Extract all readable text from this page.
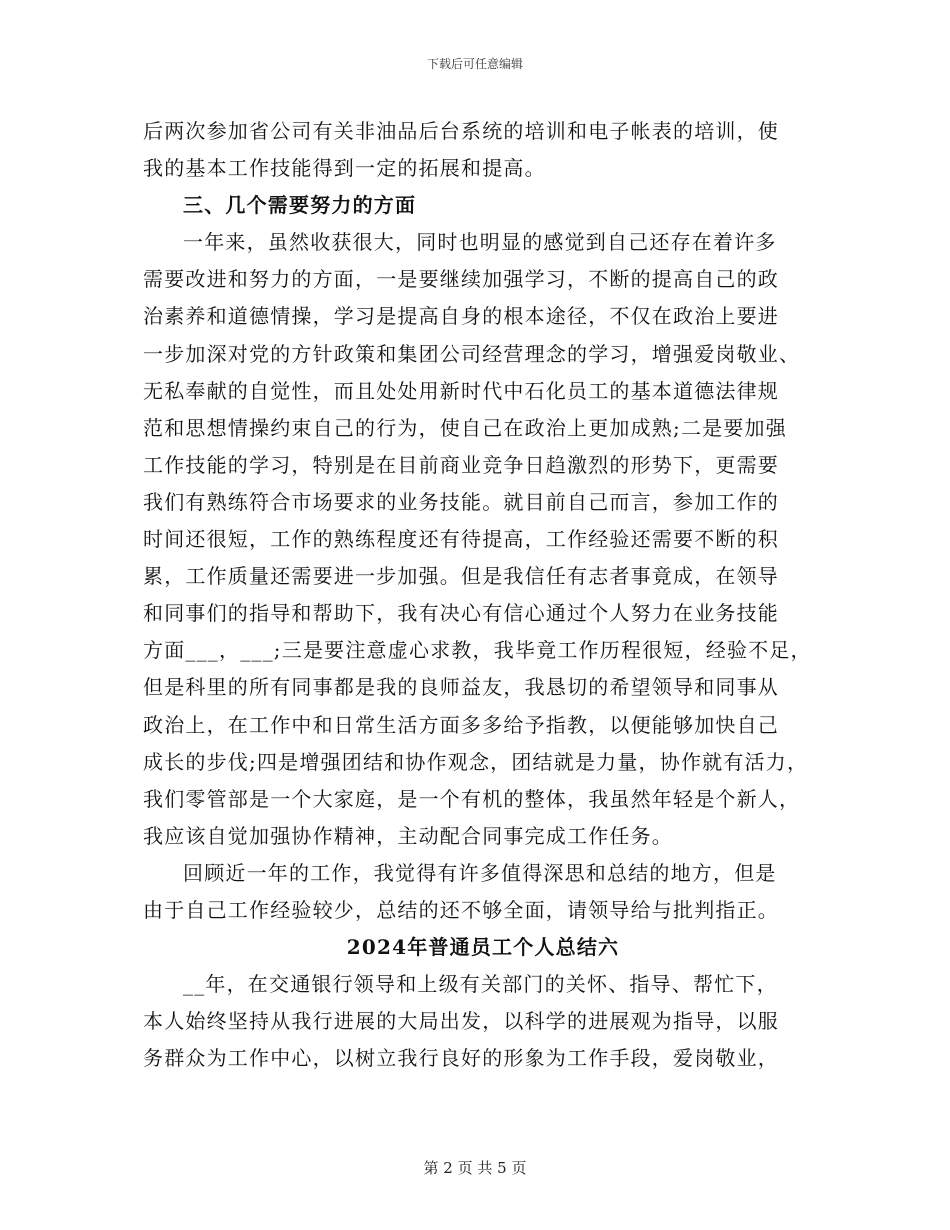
下载后可任意编辑
后两次参加省公司有关非油品后台系统的培训和电子帐表的培训，使
我的基本工作技能得到一定的拓展和提高。
三、几个需要努力的方面
一年来，虽然收获很大，同时也明显的感觉到自己还存在着许多
需要改进和努力的方面，一是要继续加强学习，不断的提高自己的政
治素养和道德情操，学习是提高自身的根本途径，不仅在政治上要进
一步加深对党的方针政策和集团公司经营理念的学习，增强爱岗敬业、
无私奉献的自觉性，而且处处用新时代中石化员工的基本道德法律规
范和思想情操约束自己的行为，使自己在政治上更加成熟;二是要加强
工作技能的学习，特别是在目前商业竞争日趋激烈的形势下，更需要
我们有熟练符合市场要求的业务技能。就目前自己而言，参加工作的
时间还很短，工作的熟练程度还有待提高，工作经验还需要不断的积
累，工作质量还需要进一步加强。但是我信任有志者事竟成，在领导
和同事们的指导和帮助下，我有决心有信心通过个人努力在业务技能
方面___，___;三是要注意虚心求教，我毕竟工作历程很短，经验不足，
但是科里的所有同事都是我的良师益友，我恳切的希望领导和同事从
政治上，在工作中和日常生活方面多多给予指教，以便能够加快自己
成长的步伐;四是增强团结和协作观念，团结就是力量，协作就有活力，
我们零管部是一个大家庭，是一个有机的整体，我虽然年轻是个新人，
我应该自觉加强协作精神，主动配合同事完成工作任务。
回顾近一年的工作，我觉得有许多值得深思和总结的地方，但是
由于自己工作经验较少，总结的还不够全面，请领导给与批判指正。
2024年普通员工个人总结六
__年，在交通银行领导和上级有关部门的关怀、指导、帮忙下，
本人始终坚持从我行进展的大局出发，以科学的进展观为指导，以服
务群众为工作中心，以树立我行良好的形象为工作手段，爱岗敬业，
第 2 页 共 5 页
